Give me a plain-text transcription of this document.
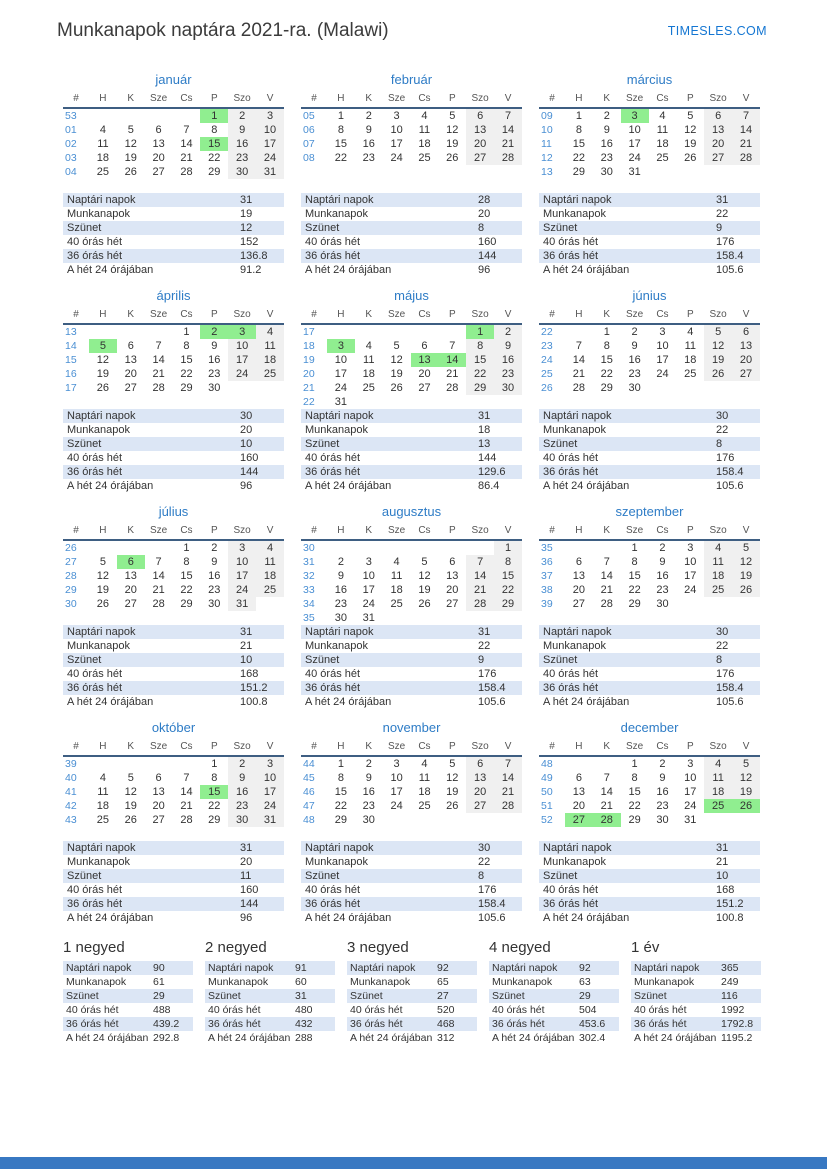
Munkanapok naptára 2021-ra. (Malawi)	TIMESLES.COM
január
#	H	K	Sze	Cs	P	Szo	V
53					1	2	3
01	4	5	6	7	8	9	10
02	11	12	13	14	15	16	17
03	18	19	20	21	22	23	24
04	25	26	27	28	29	30	31
Naptári napok	31
Munkanapok	19
Szünet	12
40 órás hét	152
36 órás hét	136.8
A hét 24 órájában	91.2
február
#	H	K	Sze	Cs	P	Szo	V
05	1	2	3	4	5	6	7
06	8	9	10	11	12	13	14
07	15	16	17	18	19	20	21
08	22	23	24	25	26	27	28
Naptári napok	28
Munkanapok	20
Szünet	8
40 órás hét	160
36 órás hét	144
A hét 24 órájában	96
március
#	H	K	Sze	Cs	P	Szo	V
09	1	2	3	4	5	6	7
10	8	9	10	11	12	13	14
11	15	16	17	18	19	20	21
12	22	23	24	25	26	27	28
13	29	30	31				
Naptári napok	31
Munkanapok	22
Szünet	9
40 órás hét	176
36 órás hét	158.4
A hét 24 órájában	105.6
április
#	H	K	Sze	Cs	P	Szo	V
13				1	2	3	4
14	5	6	7	8	9	10	11
15	12	13	14	15	16	17	18
16	19	20	21	22	23	24	25
17	26	27	28	29	30		
Naptári napok	30
Munkanapok	20
Szünet	10
40 órás hét	160
36 órás hét	144
A hét 24 órájában	96
május
#	H	K	Sze	Cs	P	Szo	V
17						1	2
18	3	4	5	6	7	8	9
19	10	11	12	13	14	15	16
20	17	18	19	20	21	22	23
21	24	25	26	27	28	29	30
22	31						
Naptári napok	31
Munkanapok	18
Szünet	13
40 órás hét	144
36 órás hét	129.6
A hét 24 órájában	86.4
június
#	H	K	Sze	Cs	P	Szo	V
22		1	2	3	4	5	6
23	7	8	9	10	11	12	13
24	14	15	16	17	18	19	20
25	21	22	23	24	25	26	27
26	28	29	30				
Naptári napok	30
Munkanapok	22
Szünet	8
40 órás hét	176
36 órás hét	158.4
A hét 24 órájában	105.6
július
#	H	K	Sze	Cs	P	Szo	V
26				1	2	3	4
27	5	6	7	8	9	10	11
28	12	13	14	15	16	17	18
29	19	20	21	22	23	24	25
30	26	27	28	29	30	31	
Naptári napok	31
Munkanapok	21
Szünet	10
40 órás hét	168
36 órás hét	151.2
A hét 24 órájában	100.8
augusztus
#	H	K	Sze	Cs	P	Szo	V
30							1
31	2	3	4	5	6	7	8
32	9	10	11	12	13	14	15
33	16	17	18	19	20	21	22
34	23	24	25	26	27	28	29
35	30	31					
Naptári napok	31
Munkanapok	22
Szünet	9
40 órás hét	176
36 órás hét	158.4
A hét 24 órájában	105.6
szeptember
#	H	K	Sze	Cs	P	Szo	V
35			1	2	3	4	5
36	6	7	8	9	10	11	12
37	13	14	15	16	17	18	19
38	20	21	22	23	24	25	26
39	27	28	29	30			
Naptári napok	30
Munkanapok	22
Szünet	8
40 órás hét	176
36 órás hét	158.4
A hét 24 órájában	105.6
október
#	H	K	Sze	Cs	P	Szo	V
39					1	2	3
40	4	5	6	7	8	9	10
41	11	12	13	14	15	16	17
42	18	19	20	21	22	23	24
43	25	26	27	28	29	30	31
Naptári napok	31
Munkanapok	20
Szünet	11
40 órás hét	160
36 órás hét	144
A hét 24 órájában	96
november
#	H	K	Sze	Cs	P	Szo	V
44	1	2	3	4	5	6	7
45	8	9	10	11	12	13	14
46	15	16	17	18	19	20	21
47	22	23	24	25	26	27	28
48	29	30					
Naptári napok	30
Munkanapok	22
Szünet	8
40 órás hét	176
36 órás hét	158.4
A hét 24 órájában	105.6
december
#	H	K	Sze	Cs	P	Szo	V
48			1	2	3	4	5
49	6	7	8	9	10	11	12
50	13	14	15	16	17	18	19
51	20	21	22	23	24	25	26
52	27	28	29	30	31		
Naptári napok	31
Munkanapok	21
Szünet	10
40 órás hét	168
36 órás hét	151.2
A hét 24 órájában	100.8
1 negyed
Naptári napok	90
Munkanapok	61
Szünet	29
40 órás hét	488
36 órás hét	439.2
A hét 24 órájában	292.8
2 negyed
Naptári napok	91
Munkanapok	60
Szünet	31
40 órás hét	480
36 órás hét	432
A hét 24 órájában	288
3 negyed
Naptári napok	92
Munkanapok	65
Szünet	27
40 órás hét	520
36 órás hét	468
A hét 24 órájában	312
4 negyed
Naptári napok	92
Munkanapok	63
Szünet	29
40 órás hét	504
36 órás hét	453.6
A hét 24 órájában	302.4
1 év
Naptári napok	365
Munkanapok	249
Szünet	116
40 órás hét	1992
36 órás hét	1792.8
A hét 24 órájában	1195.2
